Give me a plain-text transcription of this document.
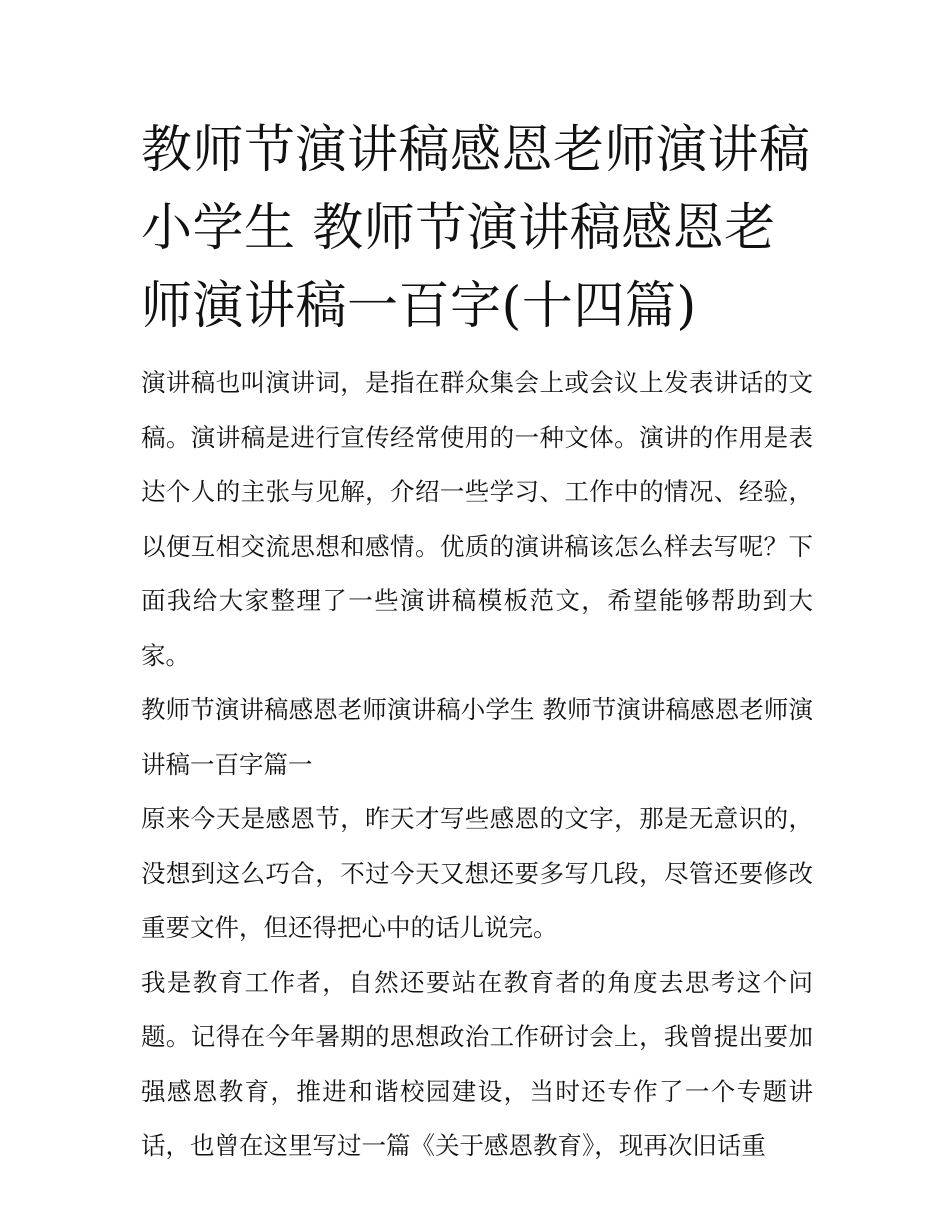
教师节演讲稿感恩老师演讲稿小学生 教师节演讲稿感恩老师演讲稿一百字(十四篇)

演讲稿也叫演讲词，是指在群众集会上或会议上发表讲话的文稿。演讲稿是进行宣传经常使用的一种文体。演讲的作用是表达个人的主张与见解，介绍一些学习、工作中的情况、经验，以便互相交流思想和感情。优质的演讲稿该怎么样去写呢？下面我给大家整理了一些演讲稿模板范文，希望能够帮助到大家。

教师节演讲稿感恩老师演讲稿小学生 教师节演讲稿感恩老师演讲稿一百字篇一

原来今天是感恩节，昨天才写些感恩的文字，那是无意识的，没想到这么巧合，不过今天又想还要多写几段，尽管还要修改重要文件，但还得把心中的话儿说完。

我是教育工作者，自然还要站在教育者的角度去思考这个问题。记得在今年暑期的思想政治工作研讨会上，我曾提出要加强感恩教育，推进和谐校园建设，当时还专作了一个专题讲话，也曾在这里写过一篇《关于感恩教育》，现再次旧话重
